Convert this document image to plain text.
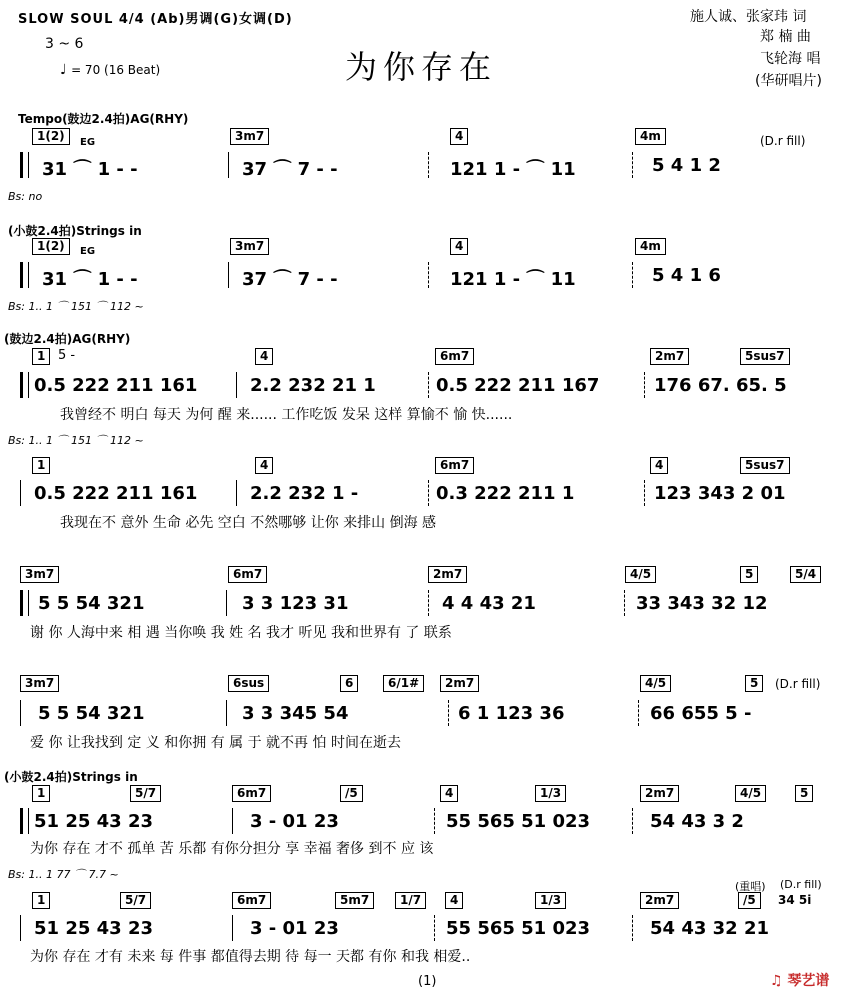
SLOW SOUL 4/4 (Ab)男调(G)女调(D)
3 ~ 6
♩ = 70 (16 Beat)	为你存在
施人诚、张家玮 词
郑 楠 曲
飞轮海 唱
(华研唱片)
Tempo(鼓边2.4拍)AG(RHY)
1(2)	EG	3m7	4	4m	(D.r fill)
31 ⌒ 1 - -	37 ⌒ 7 - -	121 1 - ⌒ 11	5 4 1 2
Bs: no
(小鼓2.4拍)Strings in
1(2)	EG	3m7	4	4m
31 ⌒ 1 - -	37 ⌒ 7 - -	121 1 - ⌒ 11	5 4 1 6
Bs: 1.. 1 ⌒ 151 ⌒ 112 ~
(鼓边2.4拍)AG(RHY)
1 5 -	4	6m7	2m7	5sus7
0.5 222 211 161	2.2 232 21 1	0.5 222 211 167	176 67. 65. 5
我曾经不 明白 每天 为何 醒 来...... 工作吃饭 发呆 这样 算愉不 愉 快......
Bs: 1.. 1 ⌒ 151 ⌒ 112 ~
1	4	6m7	4	5sus7
0.5 222 211 161	2.2 232 1 -	0.3 222 211 1	123 343 2 01
我现在不 意外 生命 必先 空白 不然哪够 让你 来排山 倒海 感
3m7	6m7	2m7	4/5	5	5/4
5 5 54 321	3 3 123 31	4 4 43 21	33 343 32 12
谢 你 人海中来 相 遇 当你唤 我 姓 名 我才 听见 我和世界有 了 联系
3m7	6sus	6	6/1#	2m7	4/5	5	(D.r fill)
5 5 54 321	3 3 345 54	6 1 123 36	66 655 5 -
爱 你 让我找到 定 义 和你拥 有 属 于 就不再 怕 时间在逝去
(小鼓2.4拍)Strings in
1	5/7	6m7	/5	4	1/3	2m7	4/5	5
51 25 43 23	3 - 01 23	55 565 51 023	54 43 3 2
为你 存在 才不 孤单 苦 乐都 有你分担分 享 幸福 奢侈 到不 应 该
Bs: 1.. 1 77 ⌒ 7.7 ~
1	5/7	6m7	5m7	1/7	4	1/3	2m7
(重唱) (D.r fill)
/5	34 5i
51 25 43 23	3 - 01 23	55 565 51 023	54 43 32 21
为你 存在 才有 未来 每 件事 都值得去期 待 每一 天都 有你 和我 相爱..
(1)	♫ 琴艺谱
